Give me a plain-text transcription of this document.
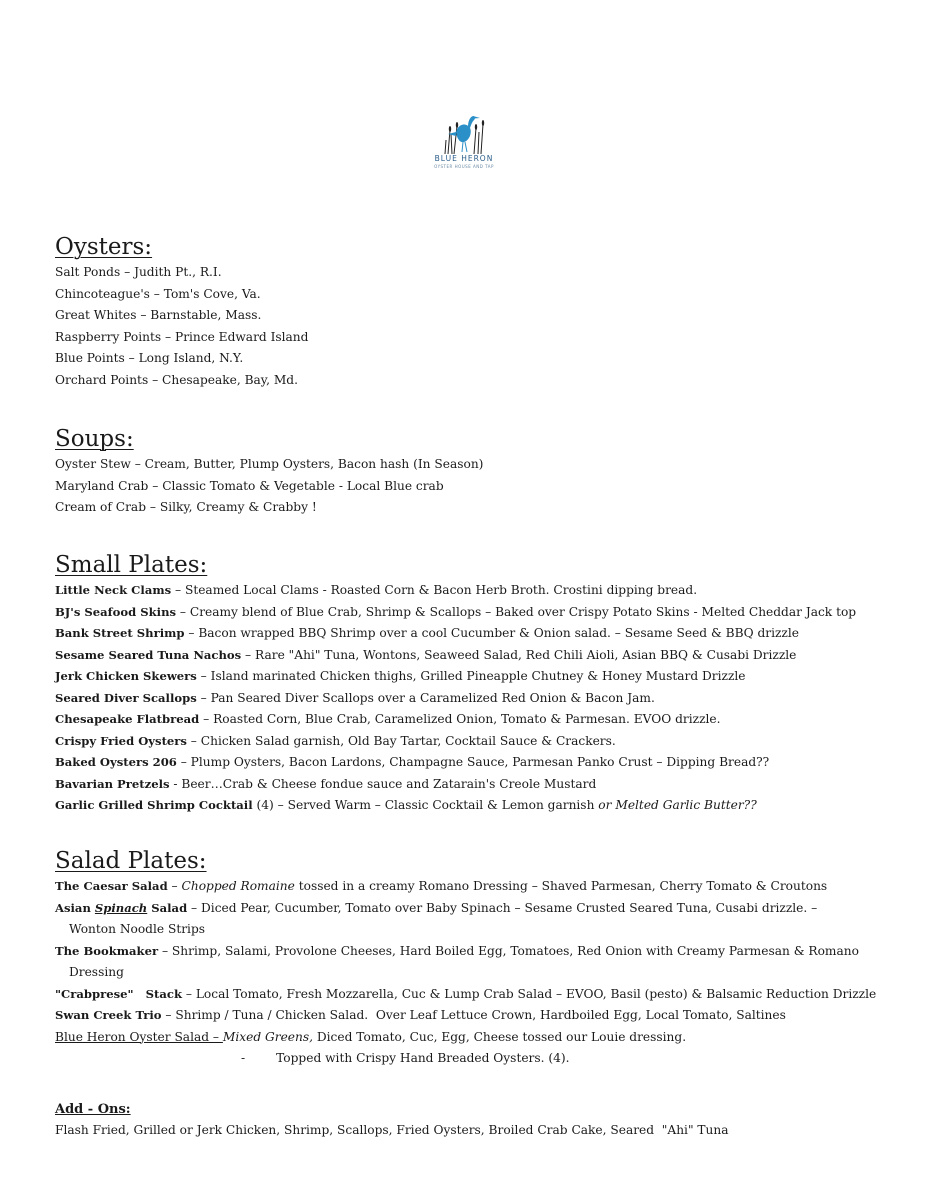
BLUE HERON
OYSTER HOUSE AND TAP
Oysters:
Salt Ponds – Judith Pt., R.I.
Chincoteague's – Tom's Cove, Va.
Great Whites – Barnstable, Mass.
Raspberry Points – Prince Edward Island
Blue Points – Long Island, N.Y.
Orchard Points – Chesapeake, Bay, Md.
Soups:
Oyster Stew – Cream, Butter, Plump Oysters, Bacon hash (In Season)
Maryland Crab – Classic Tomato & Vegetable - Local Blue crab
Cream of Crab – Silky, Creamy & Crabby !
Small Plates:
Little Neck Clams – Steamed Local Clams - Roasted Corn & Bacon Herb Broth. Crostini dipping bread.
BJ's Seafood Skins – Creamy blend of Blue Crab, Shrimp & Scallops – Baked over Crispy Potato Skins - Melted Cheddar Jack top
Bank Street Shrimp – Bacon wrapped BBQ Shrimp over a cool Cucumber & Onion salad. – Sesame Seed & BBQ drizzle
Sesame Seared Tuna Nachos – Rare "Ahi" Tuna, Wontons, Seaweed Salad, Red Chili Aioli, Asian BBQ & Cusabi Drizzle
Jerk Chicken Skewers – Island marinated Chicken thighs, Grilled Pineapple Chutney & Honey Mustard Drizzle
Seared Diver Scallops – Pan Seared Diver Scallops over a Caramelized Red Onion & Bacon Jam.
Chesapeake Flatbread – Roasted Corn, Blue Crab, Caramelized Onion, Tomato & Parmesan. EVOO drizzle.
Crispy Fried Oysters – Chicken Salad garnish, Old Bay Tartar, Cocktail Sauce & Crackers.
Baked Oysters 206 – Plump Oysters, Bacon Lardons, Champagne Sauce, Parmesan Panko Crust – Dipping Bread??
Bavarian Pretzels - Beer…Crab & Cheese fondue sauce and Zatarain's Creole Mustard
Garlic Grilled Shrimp Cocktail (4) – Served Warm – Classic Cocktail & Lemon garnish or Melted Garlic Butter??
Salad Plates:
The Caesar Salad – Chopped Romaine tossed in a creamy Romano Dressing – Shaved Parmesan, Cherry Tomato & Croutons
Asian Spinach Salad – Diced Pear, Cucumber, Tomato over Baby Spinach – Sesame Crusted Seared Tuna, Cusabi drizzle. –
Wonton Noodle Strips
The Bookmaker – Shrimp, Salami, Provolone Cheeses, Hard Boiled Egg, Tomatoes, Red Onion with Creamy Parmesan & Romano
Dressing
"Crabprese"   Stack – Local Tomato, Fresh Mozzarella, Cuc & Lump Crab Salad – EVOO, Basil (pesto) & Balsamic Reduction Drizzle
Swan Creek Trio – Shrimp / Tuna / Chicken Salad.  Over Leaf Lettuce Crown, Hardboiled Egg, Local Tomato, Saltines
Blue Heron Oyster Salad – Mixed Greens, Diced Tomato, Cuc, Egg, Cheese tossed our Louie dressing.
-        Topped with Crispy Hand Breaded Oysters. (4).
Add - Ons:
Flash Fried, Grilled or Jerk Chicken, Shrimp, Scallops, Fried Oysters, Broiled Crab Cake, Seared  "Ahi" Tuna
